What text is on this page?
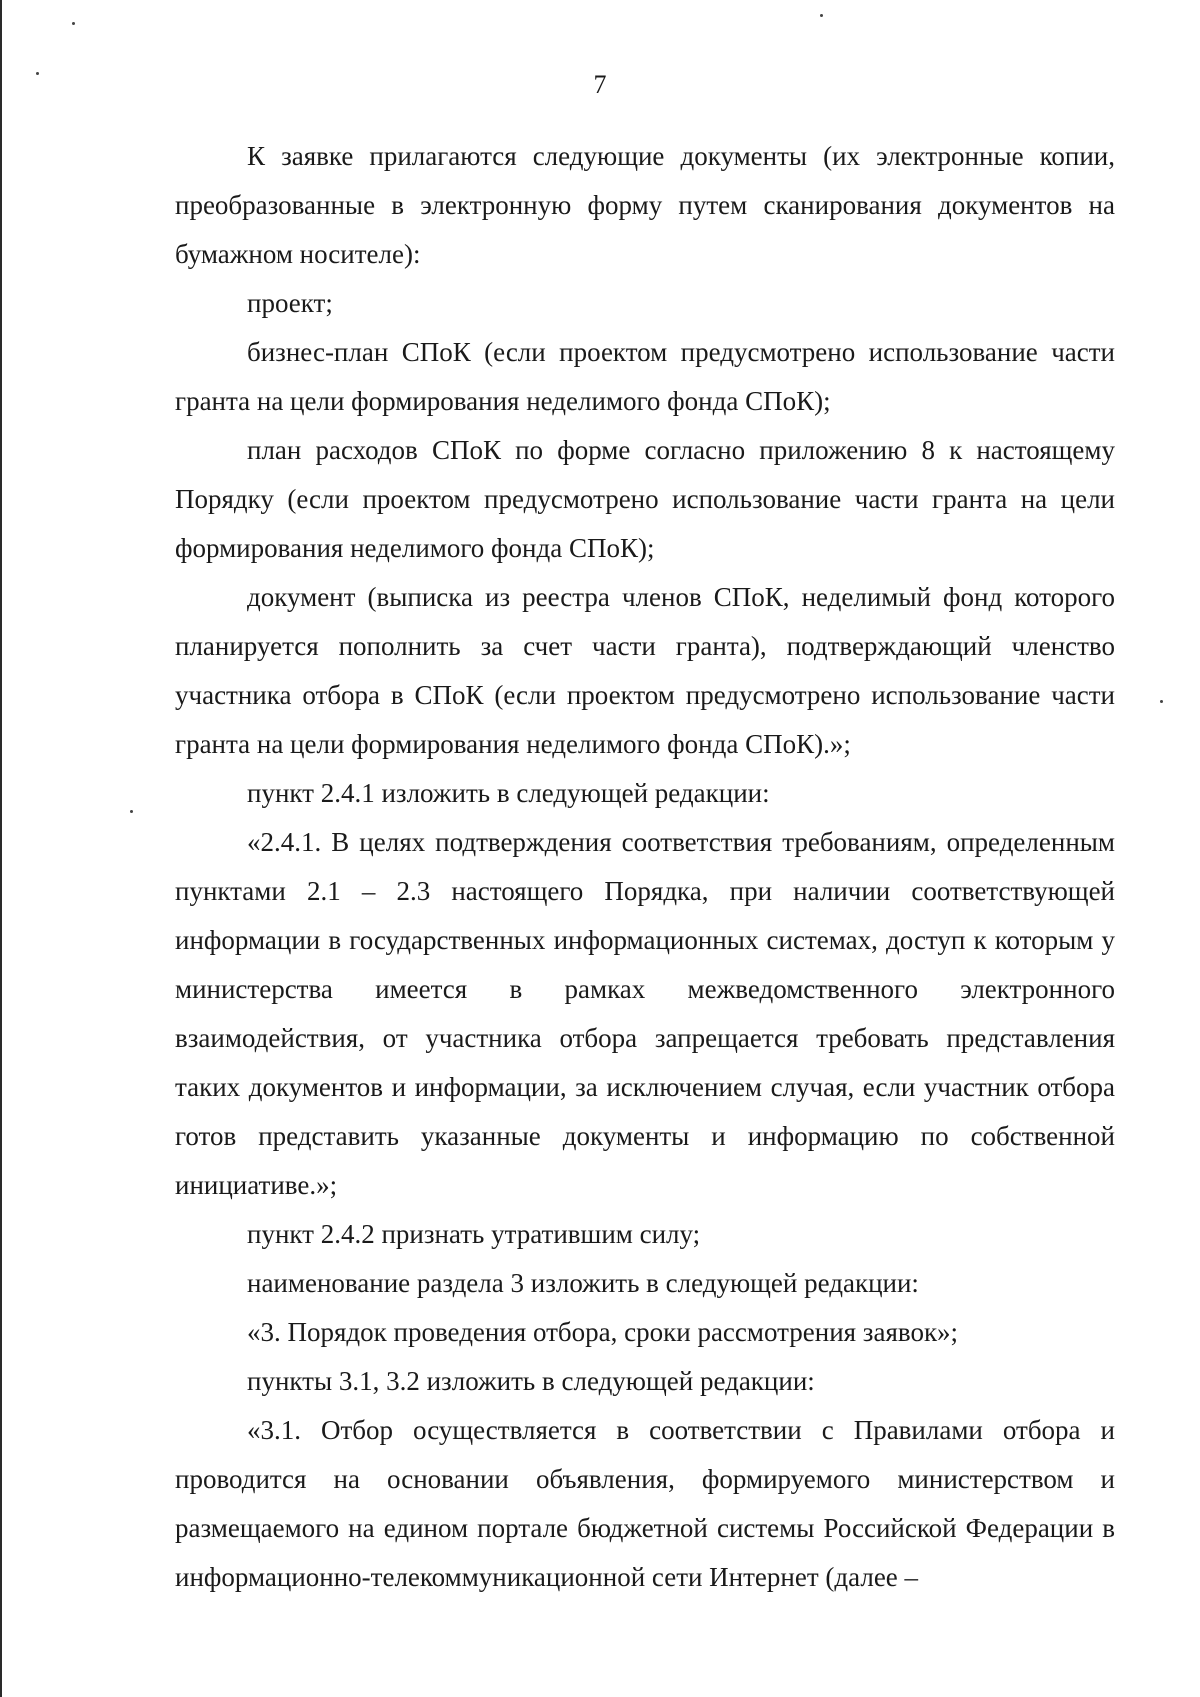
7

К заявке прилагаются следующие документы (их электронные копии, преобразованные в электронную форму путем сканирования документов на бумажном носителе):

проект;

бизнес-план СПоК (если проектом предусмотрено использование части гранта на цели формирования неделимого фонда СПоК);

план расходов СПоК по форме согласно приложению 8 к настоящему Порядку (если проектом предусмотрено использование части гранта на цели формирования неделимого фонда СПоК);

документ (выписка из реестра членов СПоК, неделимый фонд которого планируется пополнить за счет части гранта), подтверждающий членство участника отбора в СПоК (если проектом предусмотрено использование части гранта на цели формирования неделимого фонда СПоК).»;

пункт 2.4.1 изложить в следующей редакции:

«2.4.1. В целях подтверждения соответствия требованиям, определенным пунктами 2.1 – 2.3 настоящего Порядка, при наличии соответствующей информации в государственных информационных системах, доступ к которым у министерства имеется в рамках межведомственного электронного взаимодействия, от участника отбора запрещается требовать представления таких документов и информации, за исключением случая, если участник отбора готов представить указанные документы и информацию по собственной инициативе.»;

пункт 2.4.2 признать утратившим силу;

наименование раздела 3 изложить в следующей редакции:

«3. Порядок проведения отбора, сроки рассмотрения заявок»;

пункты 3.1, 3.2 изложить в следующей редакции:

«3.1. Отбор осуществляется в соответствии с Правилами отбора и проводится на основании объявления, формируемого министерством и размещаемого на едином портале бюджетной системы Российской Федерации в информационно-телекоммуникационной сети Интернет (далее –
